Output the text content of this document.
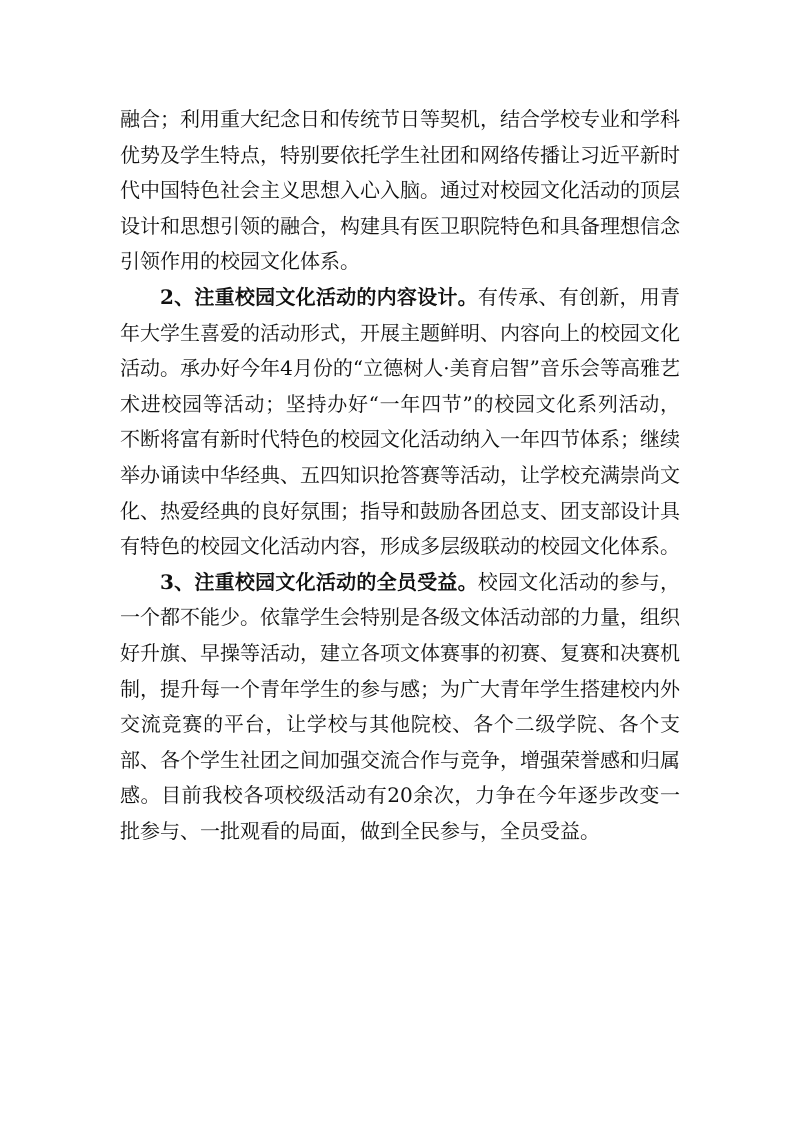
融合；利用重大纪念日和传统节日等契机，结合学校专业和学科优势及学生特点，特别要依托学生社团和网络传播让习近平新时代中国特色社会主义思想入心入脑。通过对校园文化活动的顶层设计和思想引领的融合，构建具有医卫职院特色和具备理想信念引领作用的校园文化体系。

2、注重校园文化活动的内容设计。有传承、有创新，用青年大学生喜爱的活动形式，开展主题鲜明、内容向上的校园文化活动。承办好今年4月份的“立德树人·美育启智”音乐会等高雅艺术进校园等活动；坚持办好“一年四节”的校园文化系列活动，不断将富有新时代特色的校园文化活动纳入一年四节体系；继续举办诵读中华经典、五四知识抢答赛等活动，让学校充满崇尚文化、热爱经典的良好氛围；指导和鼓励各团总支、团支部设计具有特色的校园文化活动内容，形成多层级联动的校园文化体系。

3、注重校园文化活动的全员受益。校园文化活动的参与，一个都不能少。依靠学生会特别是各级文体活动部的力量，组织好升旗、早操等活动，建立各项文体赛事的初赛、复赛和决赛机制，提升每一个青年学生的参与感；为广大青年学生搭建校内外交流竞赛的平台，让学校与其他院校、各个二级学院、各个支部、各个学生社团之间加强交流合作与竞争，增强荣誉感和归属感。目前我校各项校级活动有20余次，力争在今年逐步改变一批参与、一批观看的局面，做到全民参与，全员受益。
